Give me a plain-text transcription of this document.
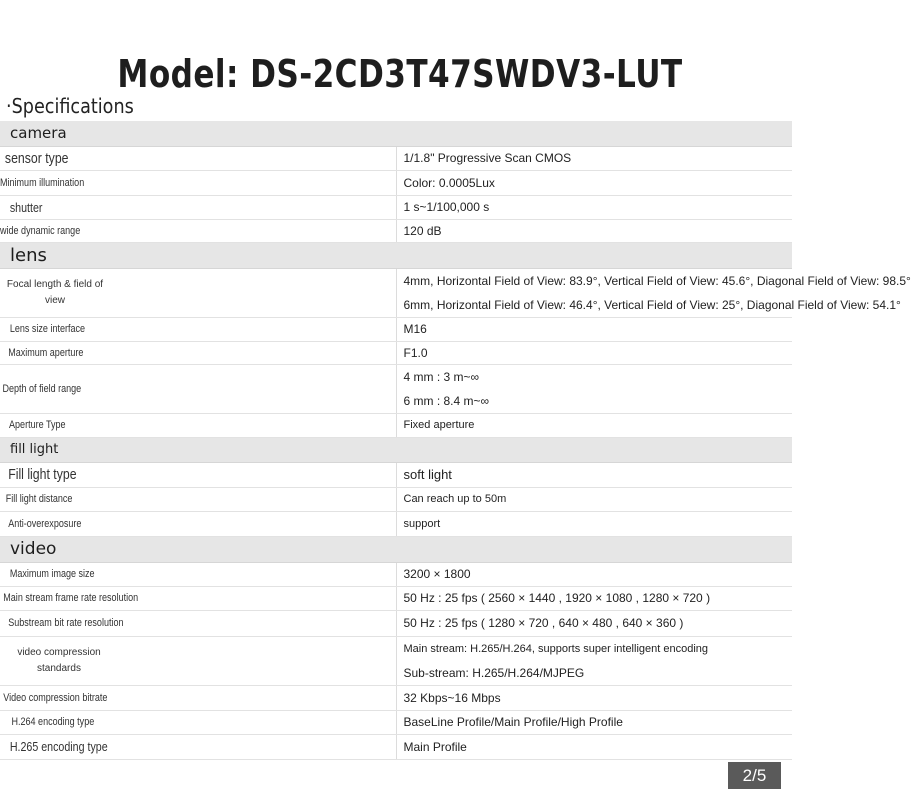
Model: DS-2CD3T47SWDV3-LUT
·Specifications
camera	
sensor type	1/1.8" Progressive Scan CMOS
Minimum illumination	Color: 0.0005Lux
shutter	1 s~1/100,000 s
wide dynamic range	120 dB
lens	

Focal length & field of
view	4mm, Horizontal Field of View: 83.9°, Vertical Field of View: 45.6°, Diagonal Field of View: 98.5°
6mm, Horizontal Field of View: 46.4°, Vertical Field of View: 25°, Diagonal Field of View: 54.1°

Lens size interface	M16
Maximum aperture	F1.0
Depth of field range	4 mm : 3 m~∞
6 mm : 8.4 m~∞

Aperture Type	Fixed aperture
fill light	
Fill light type	soft light
Fill light distance	Can reach up to 50m
Anti-overexposure	support
video	
Maximum image size	3200 × 1800
Main stream frame rate resolution	50 Hz : 25 fps ( 2560 × 1440 , 1920 × 1080 , 1280 × 720 )
Substream bit rate resolution	50 Hz : 25 fps ( 1280 × 720 , 640 × 480 , 640 × 360 )

video compression
standards	Main stream: H.265/H.264, supports super intelligent encoding
Sub-stream: H.265/H.264/MJPEG

Video compression bitrate	32 Kbps~16 Mbps
H.264 encoding type	BaseLine Profile/Main Profile/High Profile
H.265 encoding type	Main Profile
2/5
